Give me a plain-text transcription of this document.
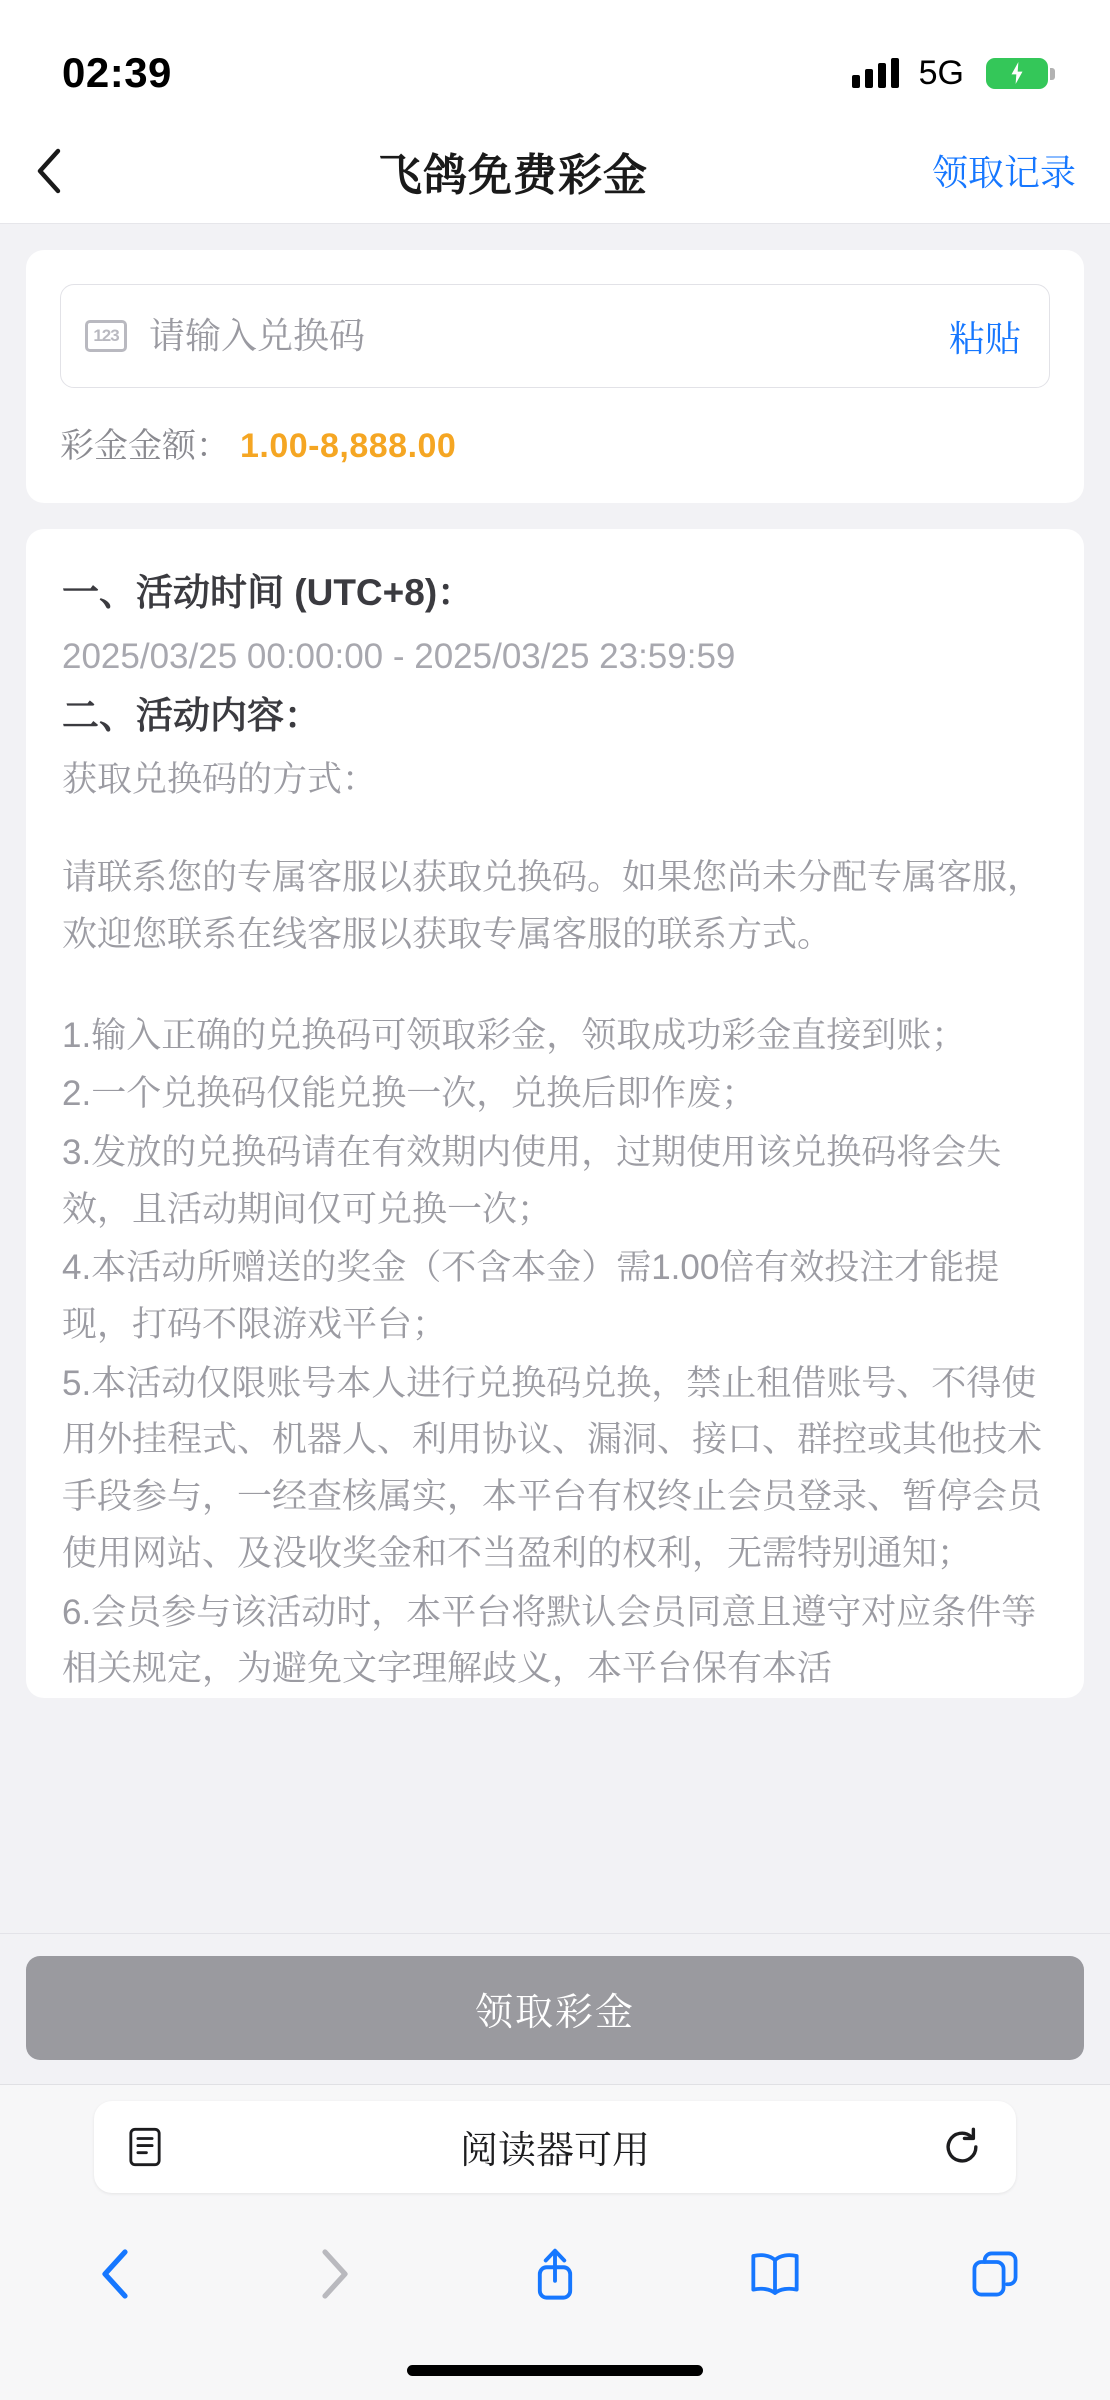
02:39	5G
飞鸽免费彩金	领取记录
123
请输入兑换码	粘贴
彩金金额： 1.00-8,888.00
一、活动时间 (UTC+8)：

2025/03/25 00:00:00 - 2025/03/25 23:59:59

二、活动内容：

获取兑换码的方式：

请联系您的专属客服以获取兑换码。如果您尚未分配专属客服，欢迎您联系在线客服以获取专属客服的联系方式。

1.输入正确的兑换码可领取彩金，领取成功彩金直接到账；

2.一个兑换码仅能兑换一次，兑换后即作废；

3.发放的兑换码请在有效期内使用，过期使用该兑换码将会失效，且活动期间仅可兑换一次；

4.本活动所赠送的奖金（不含本金）需1.00倍有效投注才能提现，打码不限游戏平台；

5.本活动仅限账号本人进行兑换码兑换，禁止租借账号、不得使用外挂程式、机器人、利用协议、漏洞、接口、群控或其他技术手段参与，一经查核属实，本平台有权终止会员登录、暂停会员使用网站、及没收奖金和不当盈利的权利，无需特别通知；

6.会员参与该活动时，本平台将默认会员同意且遵守对应条件等相关规定，为避免文字理解歧义，本平台保有本活

领取彩金
阅读器可用
